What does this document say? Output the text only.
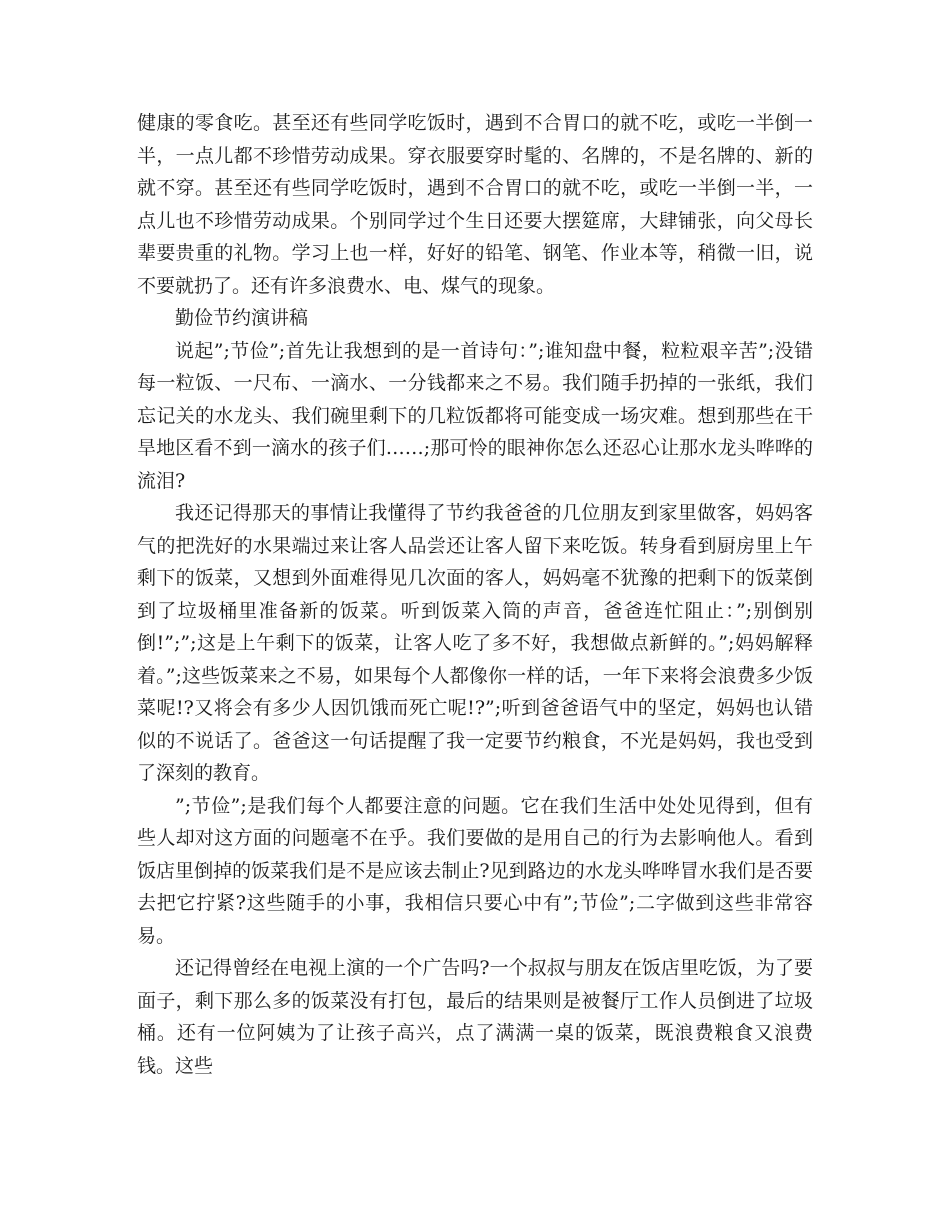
健康的零食吃。甚至还有些同学吃饭时，遇到不合胃口的就不吃，或吃一半倒一半，一点儿都不珍惜劳动成果。穿衣服要穿时髦的、名牌的，不是名牌的、新的就不穿。甚至还有些同学吃饭时，遇到不合胃口的就不吃，或吃一半倒一半，一点儿也不珍惜劳动成果。个别同学过个生日还要大摆筵席，大肆铺张，向父母长辈要贵重的礼物。学习上也一样，好好的铅笔、钢笔、作业本等，稍微一旧，说不要就扔了。还有许多浪费水、电、煤气的现象。

勤俭节约演讲稿

说起”;节俭”;首先让我想到的是一首诗句：”;谁知盘中餐，粒粒艰辛苦”;没错每一粒饭、一尺布、一滴水、一分钱都来之不易。我们随手扔掉的一张纸，我们忘记关的水龙头、我们碗里剩下的几粒饭都将可能变成一场灾难。想到那些在干旱地区看不到一滴水的孩子们……;那可怜的眼神你怎么还忍心让那水龙头哗哗的流泪?

我还记得那天的事情让我懂得了节约我爸爸的几位朋友到家里做客，妈妈客气的把洗好的水果端过来让客人品尝还让客人留下来吃饭。转身看到厨房里上午剩下的饭菜，又想到外面难得见几次面的客人，妈妈毫不犹豫的把剩下的饭菜倒到了垃圾桶里准备新的饭菜。听到饭菜入筒的声音，爸爸连忙阻止：”;别倒别倒!”;”;这是上午剩下的饭菜，让客人吃了多不好，我想做点新鲜的。”;妈妈解释着。”;这些饭菜来之不易，如果每个人都像你一样的话，一年下来将会浪费多少饭菜呢!?又将会有多少人因饥饿而死亡呢!?”;听到爸爸语气中的坚定，妈妈也认错似的不说话了。爸爸这一句话提醒了我一定要节约粮食，不光是妈妈，我也受到了深刻的教育。

”;节俭”;是我们每个人都要注意的问题。它在我们生活中处处见得到，但有些人却对这方面的问题毫不在乎。我们要做的是用自己的行为去影响他人。看到饭店里倒掉的饭菜我们是不是应该去制止?见到路边的水龙头哗哗冒水我们是否要去把它拧紧?这些随手的小事，我相信只要心中有”;节俭”;二字做到这些非常容易。

还记得曾经在电视上演的一个广告吗?一个叔叔与朋友在饭店里吃饭，为了要面子，剩下那么多的饭菜没有打包，最后的结果则是被餐厅工作人员倒进了垃圾桶。还有一位阿姨为了让孩子高兴，点了满满一桌的饭菜，既浪费粮食又浪费钱。这些
